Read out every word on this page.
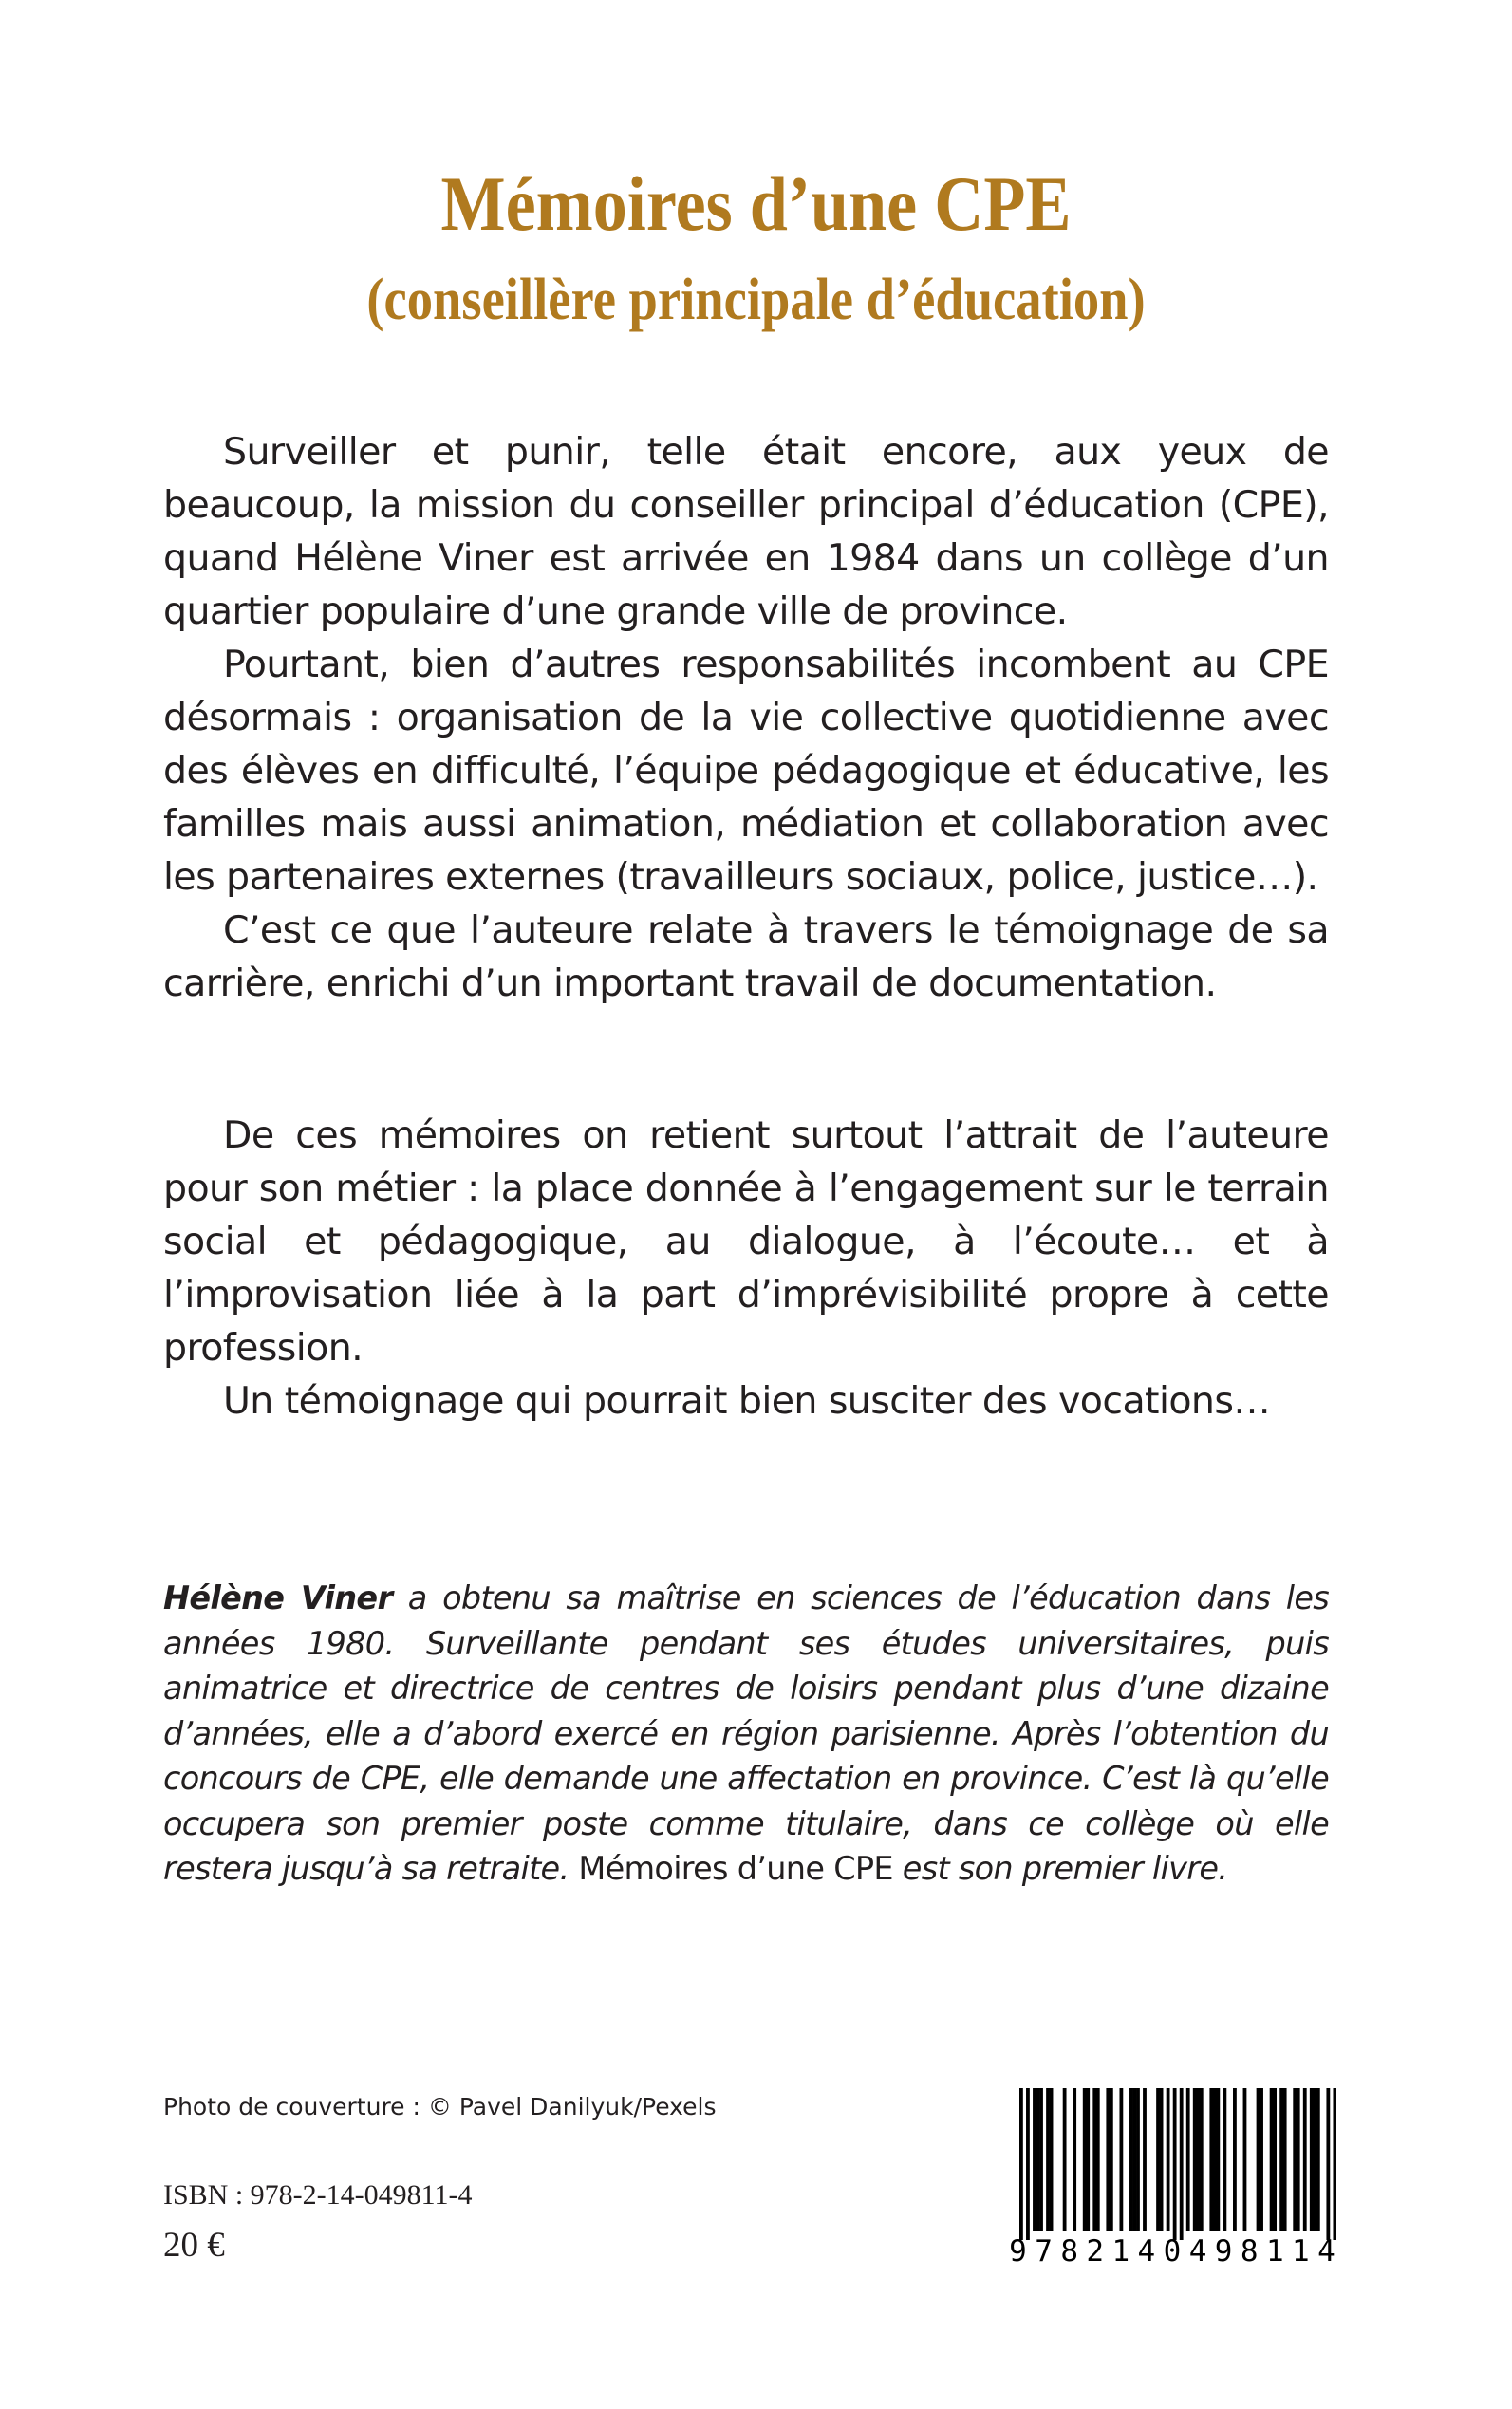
Mémoires d’une CPE
(conseillère principale d’éducation)

Surveiller et punir, telle était encore, aux yeux de beaucoup, la mission du conseiller principal d’éducation (CPE), quand Hélène Viner est arrivée en 1984 dans un collège d’un quartier populaire d’une grande ville de province.

Pourtant, bien d’autres responsabilités incombent au CPE désormais : organisation de la vie collective quotidienne avec des élèves en difficulté, l’équipe pédagogique et éducative, les familles mais aussi animation, médiation et collaboration avec les partenaires externes (travailleurs sociaux, police, justice…).

C’est ce que l’auteure relate à travers le témoignage de sa carrière, enrichi d’un important travail de documentation.

De ces mémoires on retient surtout l’attrait de l’auteure pour son métier : la place donnée à l’engagement sur le terrain social et pédagogique, au dialogue, à l’écoute… et à l’improvisation liée à la part d’imprévisibilité propre à cette profession.

Un témoignage qui pourrait bien susciter des vocations…

Hélène Viner a obtenu sa maîtrise en sciences de l’éducation dans les années 1980. Surveillante pendant ses études universitaires, puis animatrice et directrice de centres de loisirs pendant plus d’une dizaine d’années, elle a d’abord exercé en région parisienne. Après l’obtention du concours de CPE, elle demande une affectation en province. C’est là qu’elle occupera son premier poste comme titulaire, dans ce collège où elle restera jusqu’à sa retraite. Mémoires d’une CPE est son premier livre.
Photo de couverture : © Pavel Danilyuk/Pexels
ISBN : 978-2-14-049811-4
20 €	9 7 8 2 1 4 0 4 9 8 1 1 4
